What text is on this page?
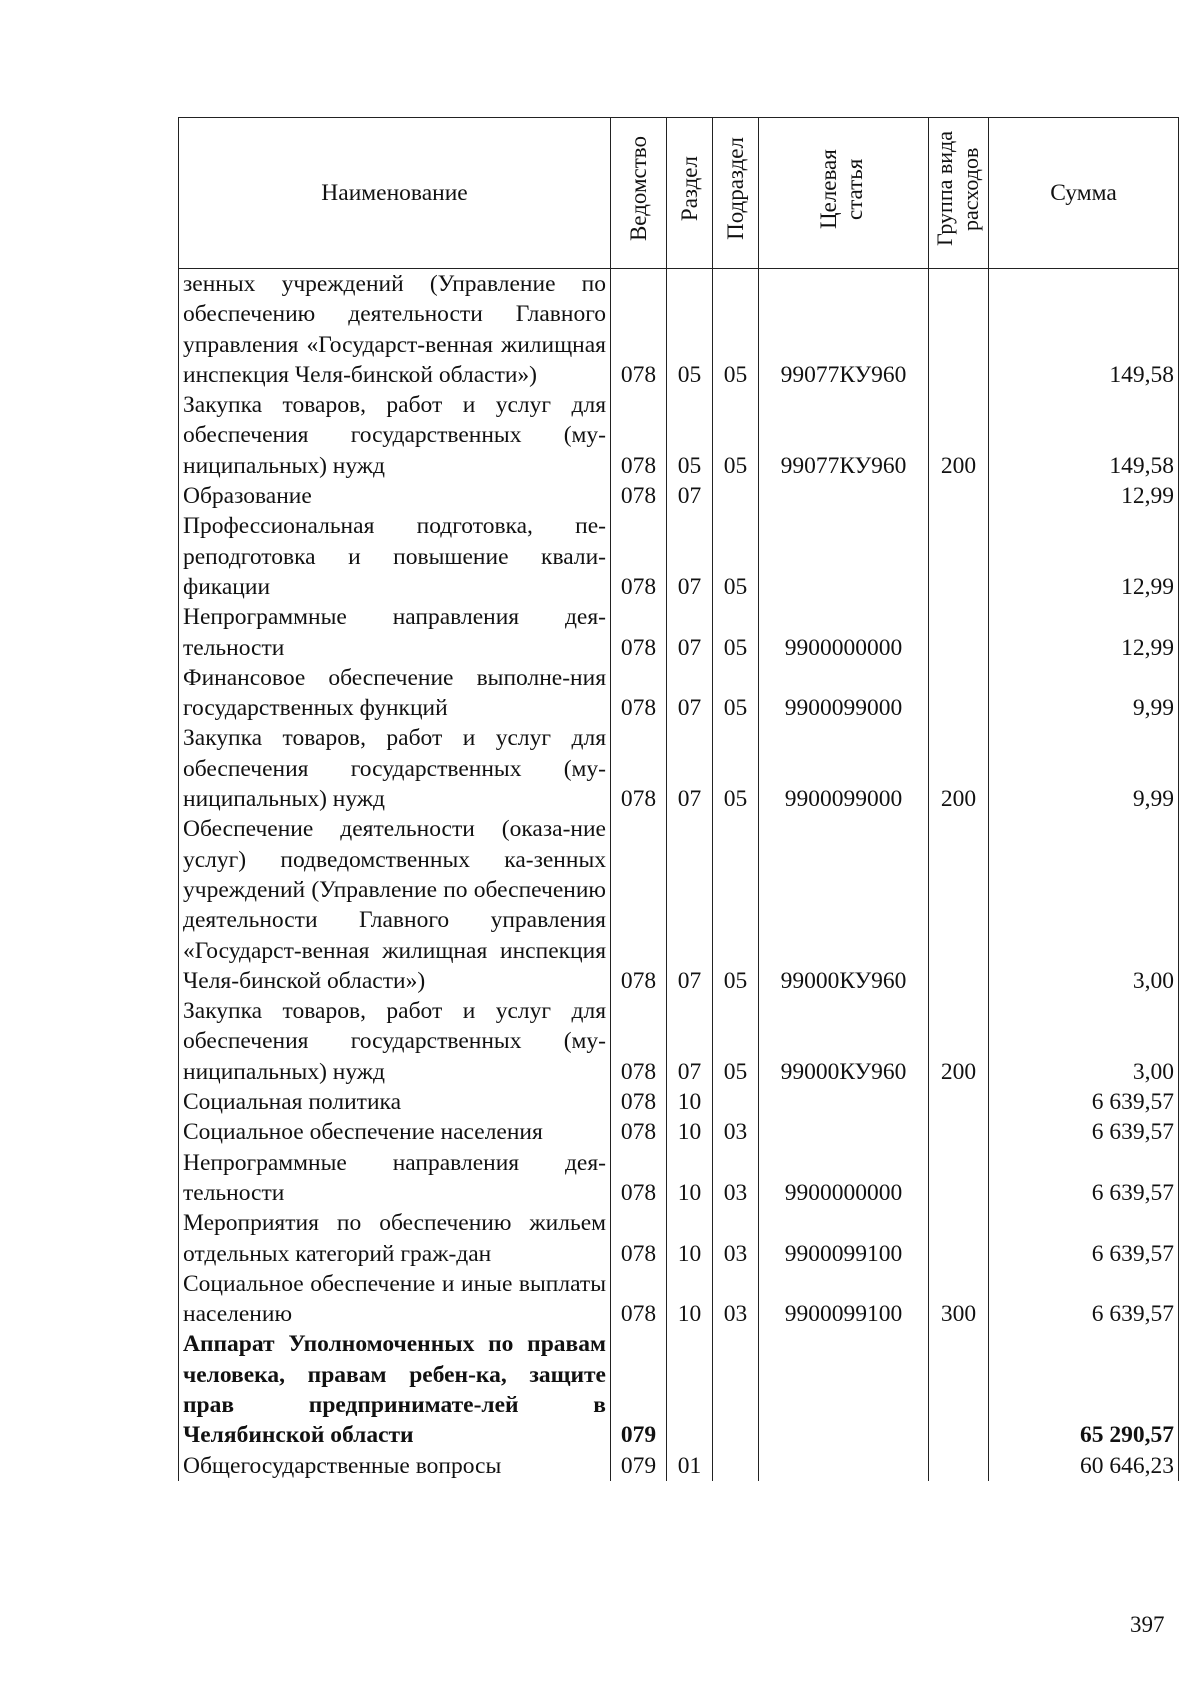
Наименование	Ведомство	Раздел	Подраздел	Целевая статья	Группа вида расходов	Сумма
зенных учреждений (Управление по обеспечению деятельности Главного управления «Государст-венная жилищная инспекция Челя-бинской области»)	078	05	05	99077КУ960		149,58
Закупка товаров, работ и услуг для обеспечения государственных (му-ниципальных) нужд	078	05	05	99077КУ960	200	149,58
Образование	078	07				12,99
Профессиональная подготовка, пе-реподготовка и повышение квали-фикации	078	07	05			12,99
Непрограммные направления дея-тельности	078	07	05	9900000000		12,99
Финансовое обеспечение выполне-ния государственных функций	078	07	05	9900099000		9,99
Закупка товаров, работ и услуг для обеспечения государственных (му-ниципальных) нужд	078	07	05	9900099000	200	9,99
Обеспечение деятельности (оказа-ние услуг) подведомственных ка-зенных учреждений (Управление по обеспечению деятельности Главного управления «Государст-венная жилищная инспекция Челя-бинской области»)	078	07	05	99000КУ960		3,00
Закупка товаров, работ и услуг для обеспечения государственных (му-ниципальных) нужд	078	07	05	99000КУ960	200	3,00
Социальная политика	078	10				6 639,57
Социальное обеспечение населения	078	10	03			6 639,57
Непрограммные направления дея-тельности	078	10	03	9900000000		6 639,57
Мероприятия по обеспечению жильем отдельных категорий граж-дан	078	10	03	9900099100		6 639,57
Социальное обеспечение и иные выплаты населению	078	10	03	9900099100	300	6 639,57
Аппарат Уполномоченных по правам человека, правам ребен-ка, защите прав предпринимате-лей в Челябинской области	079					65 290,57
Общегосударственные вопросы	079	01				60 646,23
397
